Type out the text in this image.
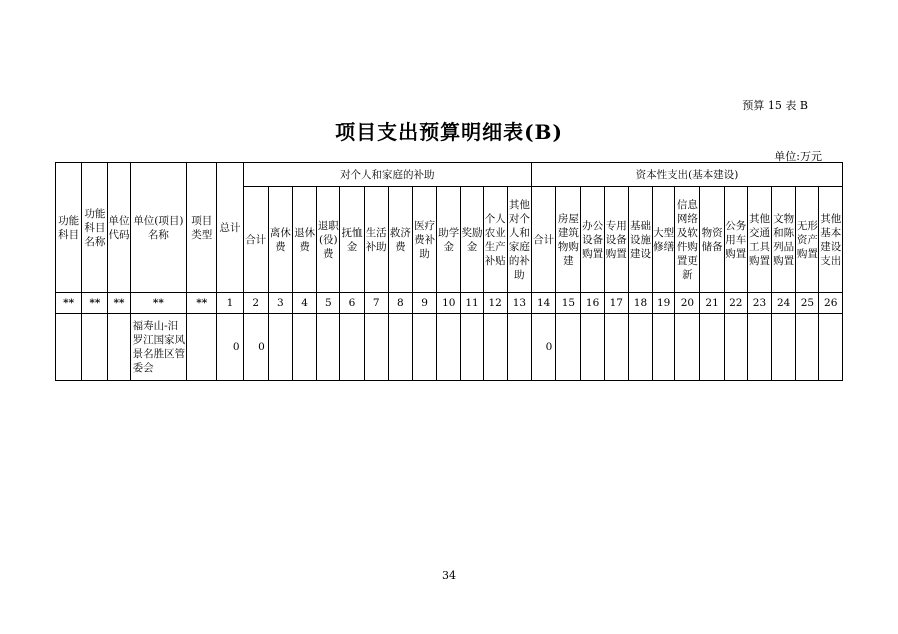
预算 15 表 B
项目支出预算明细表(B)
单位:万元
功能科目	功能科目名称	单位代码	单位(项目)名称	项目类型	总计	对个人和家庭的补助												资本性支出(基本建设)												
						合计	离休费	退休费	退职(役)费	抚恤金	生活补助	救济费	医疗费补助	助学金	奖励金	个人农业生产补贴	其他对个人和家庭的补助	合计	房屋建筑物购建	办公设备购置	专用设备购置	基础设施建设	大型修缮	信息网络及软件购置更新	物资储备	公务用车购置	其他交通工具购置	文物和陈列品购置	无形资产购置	其他基本建设支出
**	**	**	**	**	1	2	3	4	5	6	7	8	9	10	11	12	13	14	15	16	17	18	19	20	21	22	23	24	25	26
			福寿山-汨罗江国家风景名胜区管委会		0	0												0												
34
